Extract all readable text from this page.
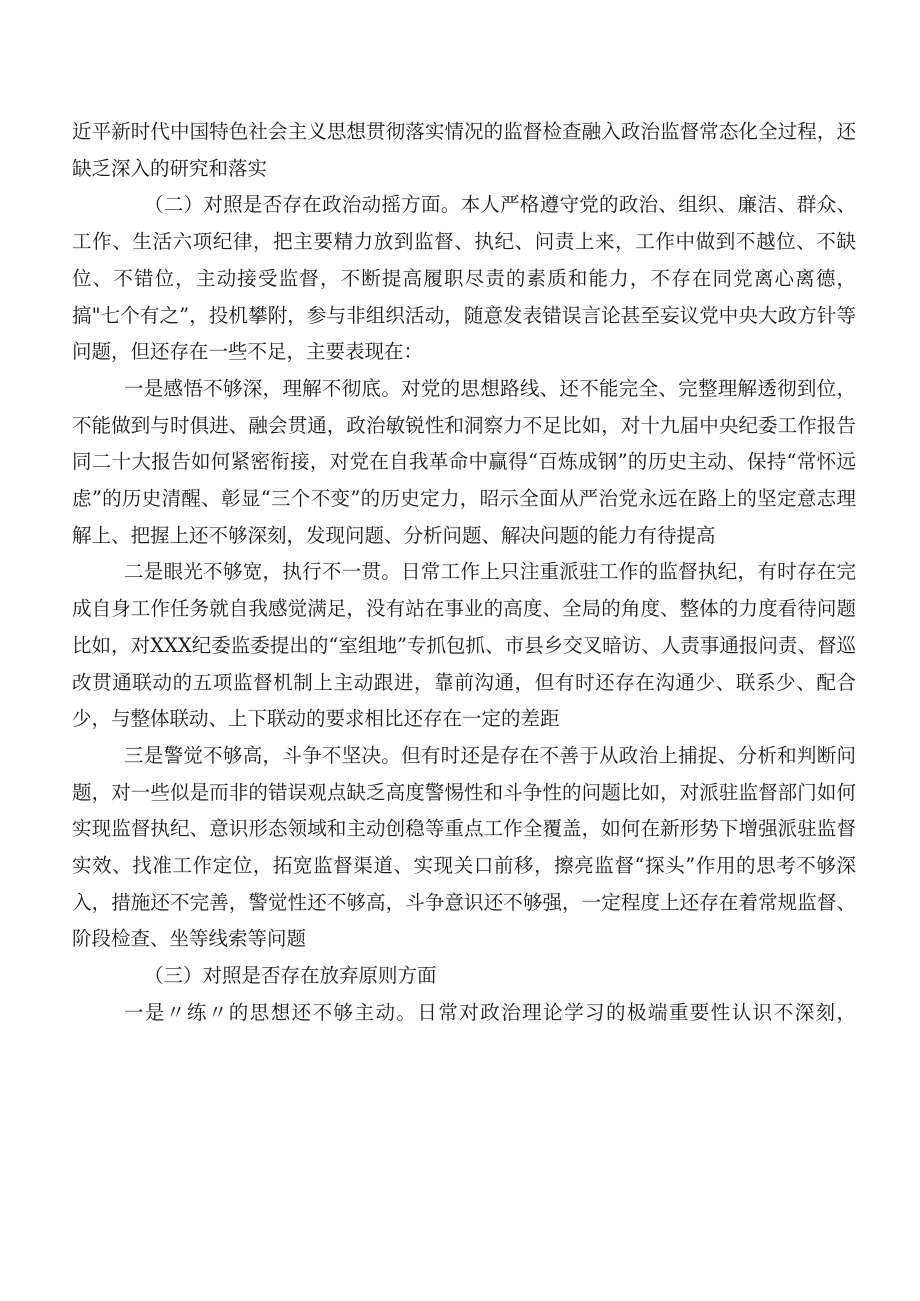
近平新时代中国特色社会主义思想贯彻落实情况的监督检查融入政治监督常态化全过程，还缺乏深入的研究和落实

（二）对照是否存在政治动摇方面。本人严格遵守党的政治、组织、廉洁、群众、工作、生活六项纪律，把主要精力放到监督、执纪、问责上来，工作中做到不越位、不缺位、不错位，主动接受监督，不断提高履职尽责的素质和能力，不存在同党离心离德，搞"七个有之”，投机攀附，参与非组织活动，随意发表错误言论甚至妄议党中央大政方针等问题，但还存在一些不足，主要表现在：

一是感悟不够深，理解不彻底。对党的思想路线、还不能完全、完整理解透彻到位，不能做到与时俱进、融会贯通，政治敏锐性和洞察力不足比如，对十九届中央纪委工作报告同二十大报告如何紧密衔接，对党在自我革命中赢得“百炼成钢”的历史主动、保持“常怀远虑”的历史清醒、彰显“三个不变”的历史定力，昭示全面从严治党永远在路上的坚定意志理解上、把握上还不够深刻，发现问题、分析问题、解决问题的能力有待提高

二是眼光不够宽，执行不一贯。日常工作上只注重派驻工作的监督执纪，有时存在完成自身工作任务就自我感觉满足，没有站在事业的高度、全局的角度、整体的力度看待问题比如，对XXX纪委监委提出的“室组地”专抓包抓、市县乡交叉暗访、人责事通报问责、督巡改贯通联动的五项监督机制上主动跟进，靠前沟通，但有时还存在沟通少、联系少、配合少，与整体联动、上下联动的要求相比还存在一定的差距

三是警觉不够高，斗争不坚决。但有时还是存在不善于从政治上捕捉、分析和判断问题，对一些似是而非的错误观点缺乏高度警惕性和斗争性的问题比如，对派驻监督部门如何实现监督执纪、意识形态领域和主动创稳等重点工作全覆盖，如何在新形势下增强派驻监督实效、找准工作定位，拓宽监督渠道、实现关口前移，擦亮监督“探头”作用的思考不够深入，措施还不完善，警觉性还不够高，斗争意识还不够强，一定程度上还存在着常规监督、阶段检查、坐等线索等问题

（三）对照是否存在放弃原则方面

一是〃练〃的思想还不够主动。日常对政治理论学习的极端重要性认识不深刻，
